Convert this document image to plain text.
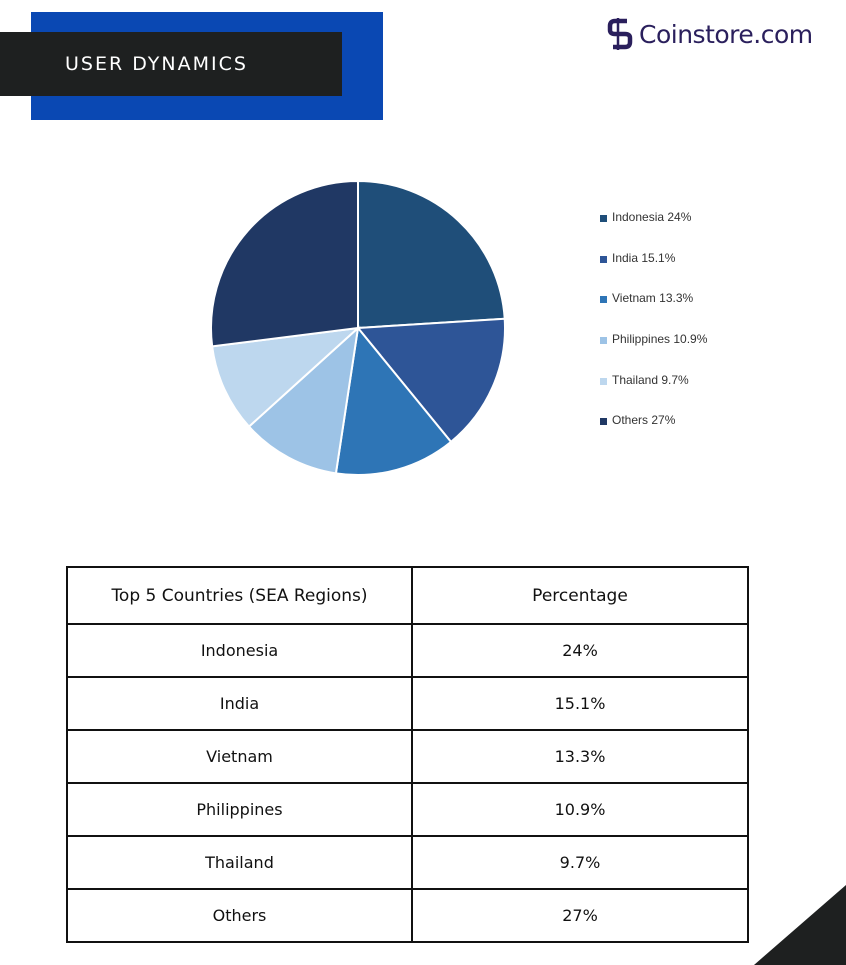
USER DYNAMICS
Coinstore.com
Indonesia 24%
India 15.1%
Vietnam 13.3%
Philippines 10.9%
Thailand 9.7%
Others 27%
Top 5 Countries (SEA Regions)	Percentage
Indonesia	24%
India	15.1%
Vietnam	13.3%
Philippines	10.9%
Thailand	9.7%
Others	27%
